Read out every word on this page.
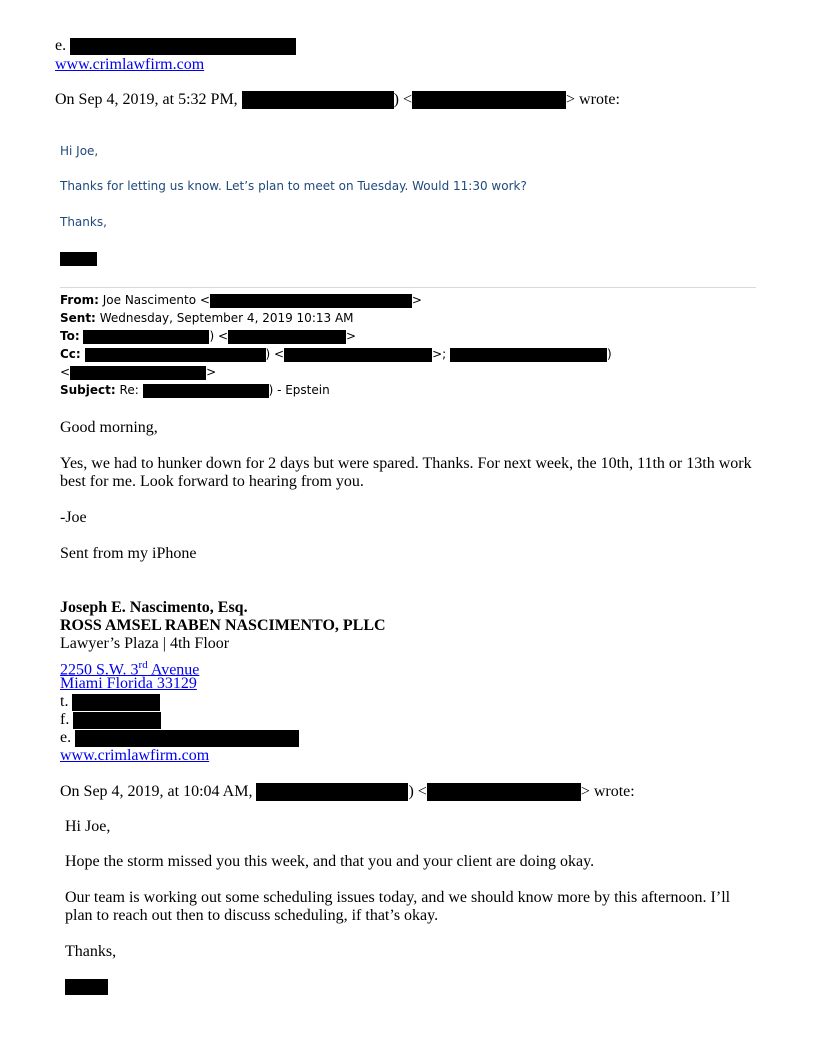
e.
www.crimlawfirm.com
On Sep 4, 2019, at 5:32 PM,	) <	> wrote:
Hi Joe,
Thanks for letting us know. Let’s plan to meet on Tuesday. Would 11:30 work?
Thanks,
From: Joe Nascimento <	>
Sent: Wednesday, September 4, 2019 10:13 AM
To:	) <	>
Cc:	) <	>;	)
<	>
Subject: Re:	) - Epstein
Good morning,
Yes, we had to hunker down for 2 days but were spared. Thanks. For next week, the 10th, 11th or 13th work
best for me. Look forward to hearing from you.
-Joe
Sent from my iPhone
Joseph E. Nascimento, Esq.
ROSS AMSEL RABEN NASCIMENTO, PLLC
Lawyer’s Plaza | 4th Floor
2250 S.W. 3rd Avenue
Miami Florida 33129
t.
f.
e.
www.crimlawfirm.com
On Sep 4, 2019, at 10:04 AM,	) <	> wrote:
Hi Joe,
Hope the storm missed you this week, and that you and your client are doing okay.
Our team is working out some scheduling issues today, and we should know more by this afternoon. I’ll
plan to reach out then to discuss scheduling, if that’s okay.
Thanks,
